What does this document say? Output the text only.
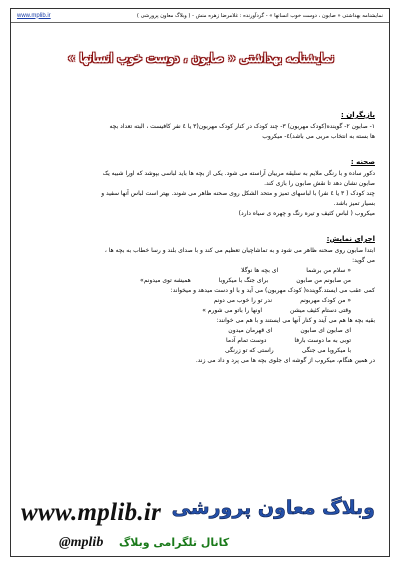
نمایشنامه بهداشتی « صابون ، دوست خوب انسانها » - گردآورنده : غلامرضا زهره منش - ( وبلاگ معاون پرورشی )
www.mplib.ir
نمایشنامه بهداشتی « صابون ، دوست خوب انسانها »
بازیگران :
۱- صابون ۲- گوینده(کودک مهربون) ۳- چند کودک در کنار کودک مهربون(۳ یا ٤ نفر کافیست ، البته تعداد بچه
ها بسته به انتخاب مربی می باشد)٤- میکروب
صحنه :
دکور ساده و با رنگی ملایم به سلیقه مربیان آراسته می شود. یکی از بچه ها باید لباسی بپوشد که اورا شبیه یک
صابون نشان دهد تا نقش صابون را بازی کند.
چند کودک ( ۳ یا ٤ نفر) با لباسهای تمیز و متحد الشکل روی صحنه ظاهر می شوند. بهتر است لباس آنها سفید و
بسیار تمیز باشد.
میکروب ( لباس کثیف و تیره رنگ و چهره ی سیاه دارد)
اجرای نمایش:
ابتدا صابون روی صحنه ظاهر می شود و به تماشاچیان تعظیم می کند و با صدای بلند و رسا خطاب به بچه ها ،
می گوید:
« سلام من برشما
ای بچه ها نوگلا
من صابونم من صابون
برای جنگ با میکروبا
همیشه توی میدونم»
کمی عقب می ایستد.گوینده( کودک مهربون) می آید و با او دست میدهد و میخواند:
« من کودک مهربونم
ندر تو را خوب می دونم
وقتی دستام کثیف میشن
اونها را باتو می شورم »
بقیه بچه ها هم می آیند و کنار آنها می ایستند و با هم می خوانند:
ای صابون ای صابون
ای قهرمان میدون
توبی به ما دوست بارفا
دوست تمام آدما
با میکروبا می جنگی
راستی که تو زرنگی
در همین هنگام، میکروب از گوشه ای جلوی بچه ها می پرد و داد می زند.
www.mplib.ir وبلاگ معاون پرورشی
@mplib کانال تلگرامی وبلاگ
